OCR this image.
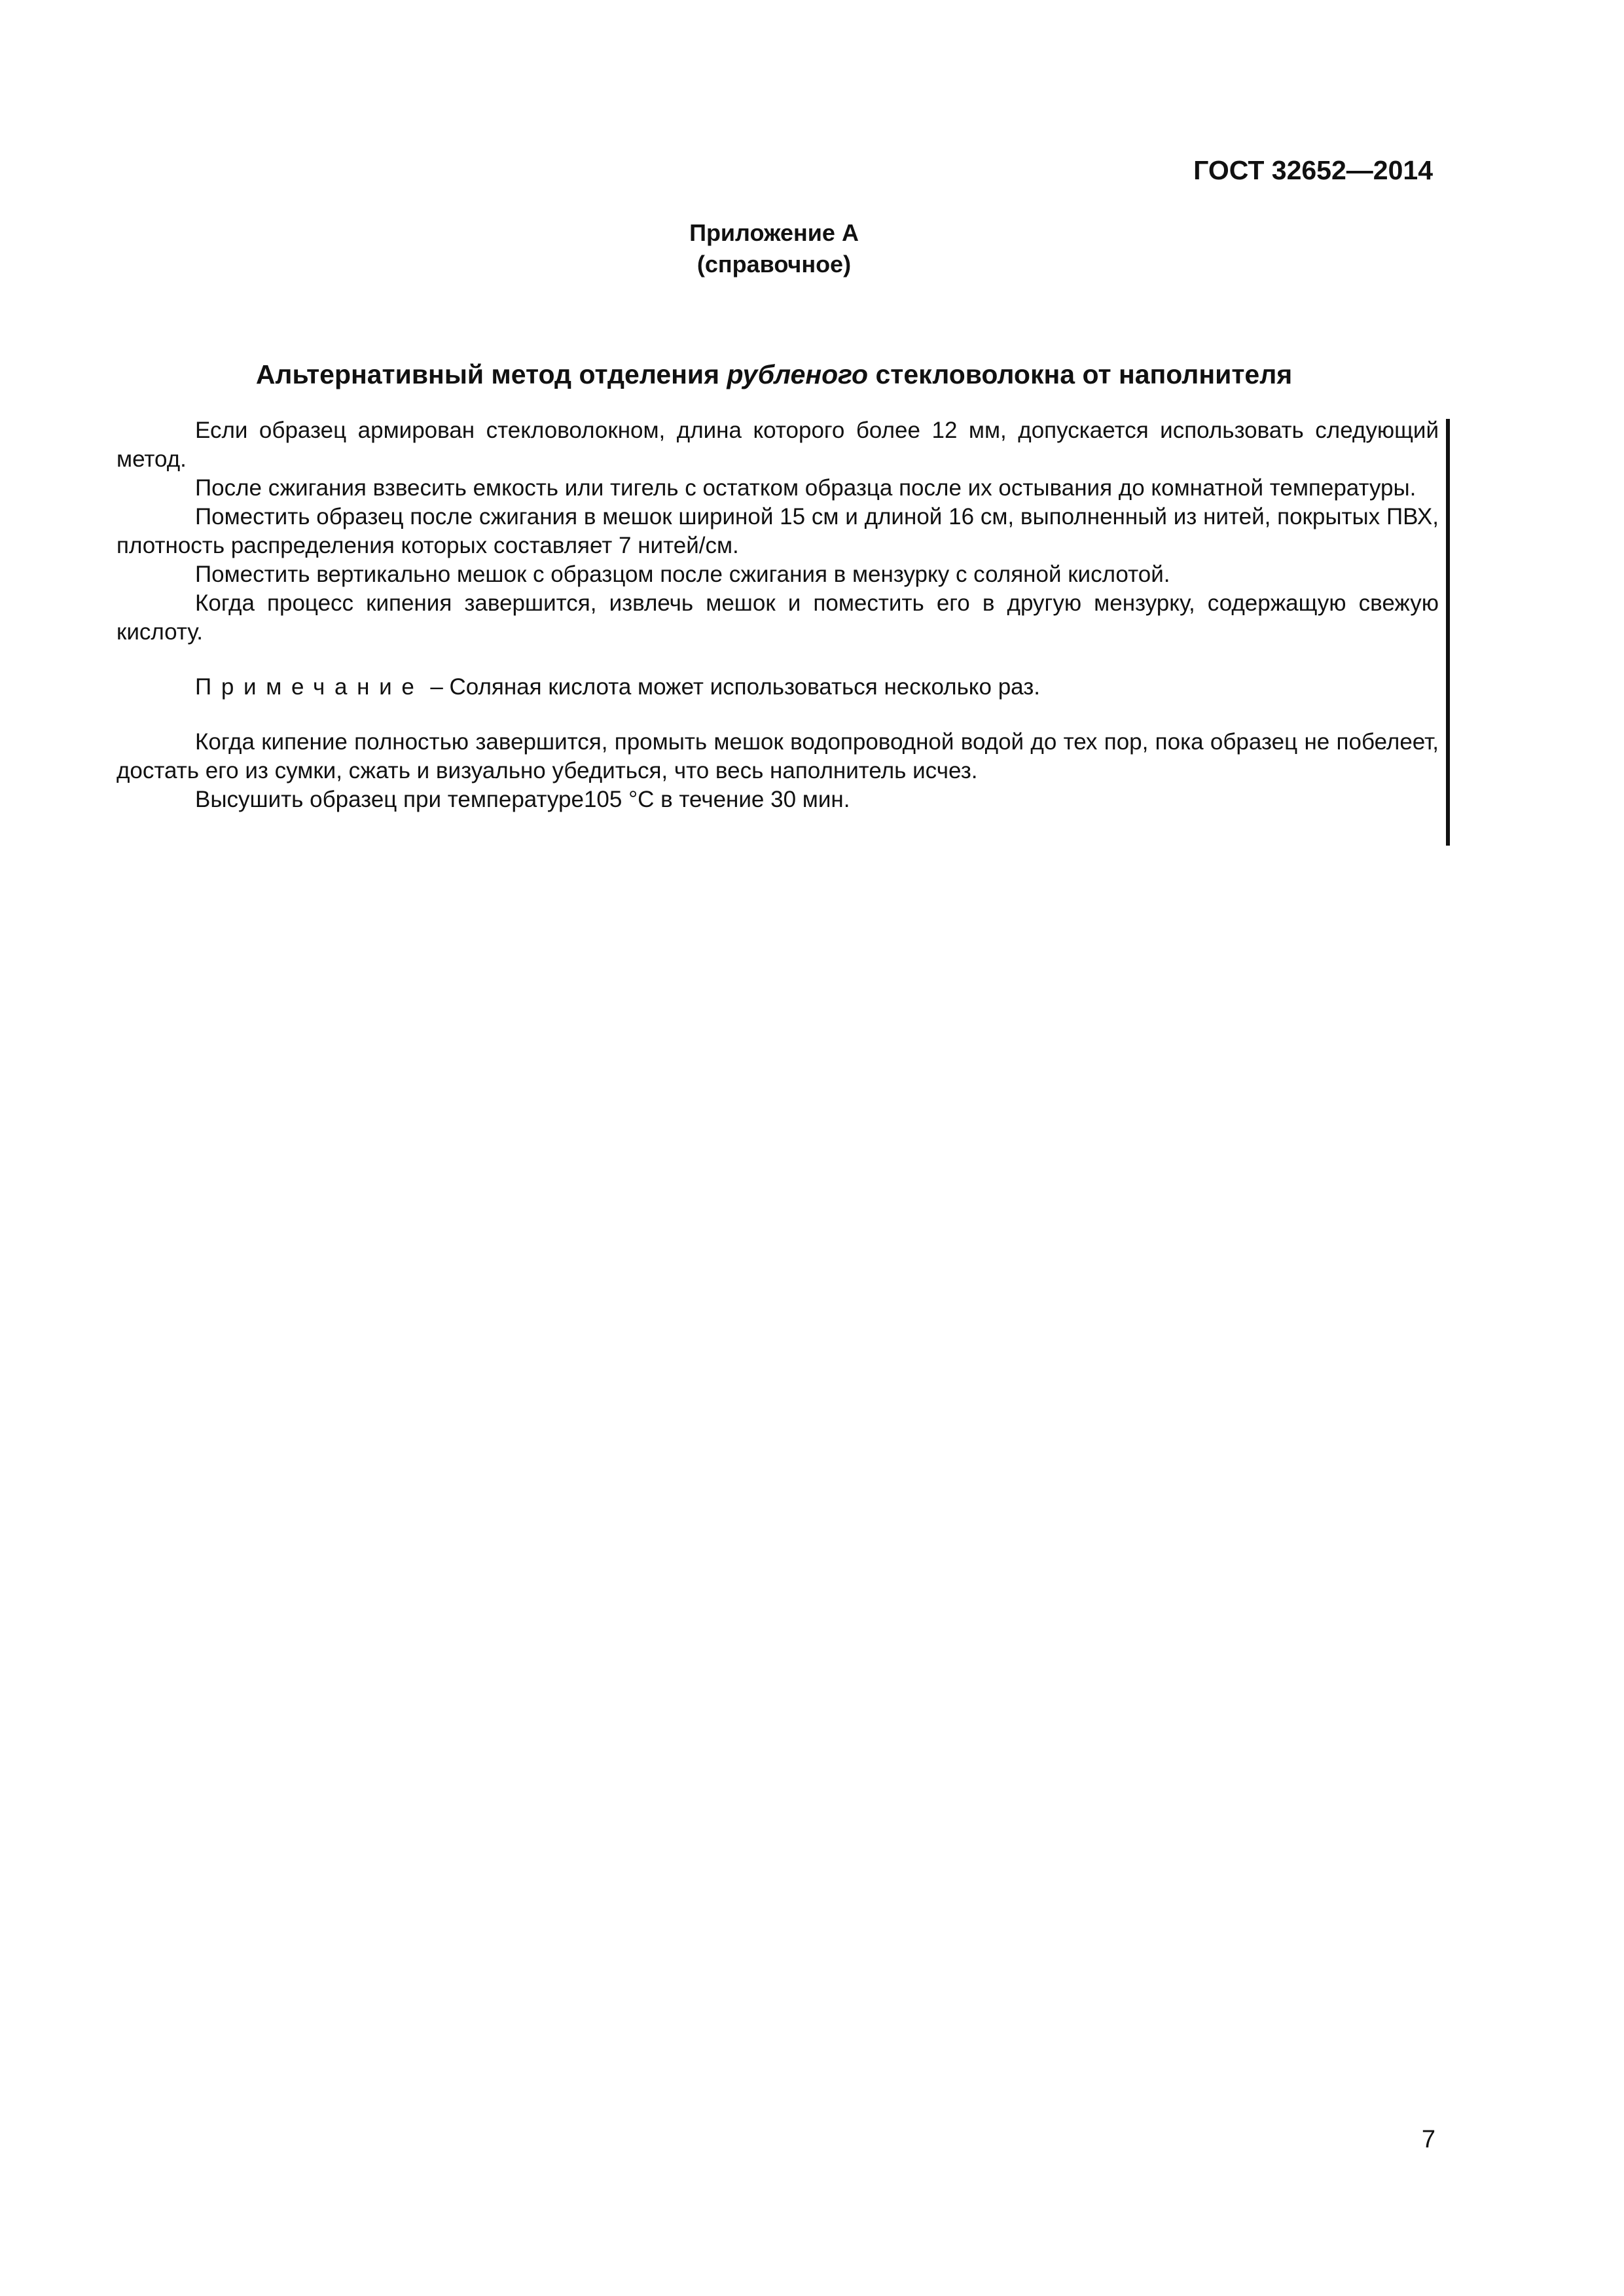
ГОСТ 32652—2014
Приложение А
(справочное)
Альтернативный метод отделения рубленого стекловолокна от наполнителя

Если образец армирован стекловолокном, длина которого более 12 мм, допускается использовать следующий метод.

После сжигания взвесить емкость или тигель с остатком образца после их остывания до комнатной температуры.

Поместить образец после сжигания в мешок шириной 15 см и длиной 16 см, выполненный из нитей, покрытых ПВХ, плотность распределения которых составляет 7 нитей/см.

Поместить вертикально мешок с образцом после сжигания в мензурку с соляной кислотой.

Когда процесс кипения завершится, извлечь мешок и поместить его в другую мензурку, содержащую свежую кислоту.

Примечание – Соляная кислота может использоваться несколько раз.

Когда кипение полностью завершится, промыть мешок водопроводной водой до тех пор, пока образец не побелеет, достать его из сумки, сжать и визуально убедиться, что весь наполнитель исчез.

Высушить образец при температуре105 °С в течение 30 мин.

7
